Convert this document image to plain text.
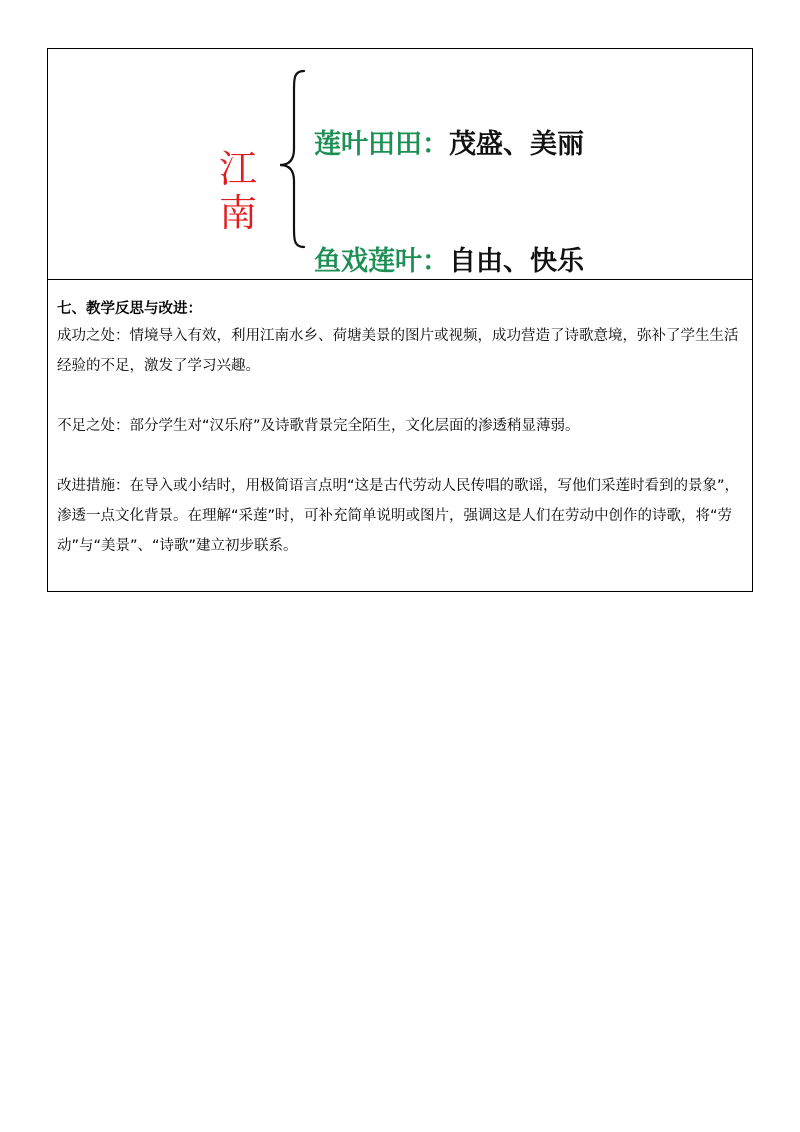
江南
莲叶田田：茂盛、美丽
鱼戏莲叶：自由、快乐
七、教学反思与改进：

成功之处：情境导入有效，利用江南水乡、荷塘美景的图片或视频，成功营造了诗歌意境，弥补了学生生活经验的不足，激发了学习兴趣。

不足之处：部分学生对“汉乐府”及诗歌背景完全陌生，文化层面的渗透稍显薄弱。

改进措施：在导入或小结时，用极简语言点明“这是古代劳动人民传唱的歌谣，写他们采莲时看到的景象”，渗透一点文化背景。在理解“采莲”时，可补充简单说明或图片，强调这是人们在劳动中创作的诗歌，将“劳动”与“美景”、“诗歌”建立初步联系。
